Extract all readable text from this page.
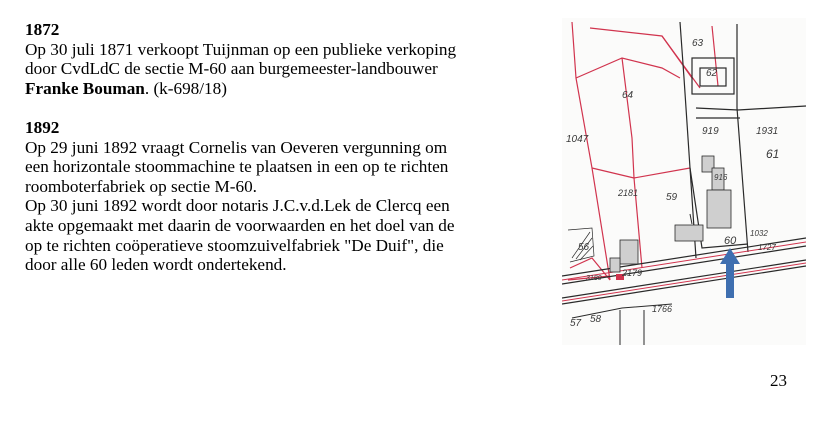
1872

Op 30 juli 1871 verkoopt Tuijnman op een publieke verkoping
door CvdLdC de sectie M-60 aan burgemeester-landbouwer
Franke Bouman. (k-698/18)

1892

Op 29 juni 1892 vraagt Cornelis van Oeveren vergunning om
een horizontale stoommachine te plaatsen in een op te richten
roomboterfabriek op sectie M-60.
Op 30 juni 1892 wordt door notaris J.C.v.d.Lek de Clercq een
akte opgemaakt met daarin de voorwaarden en het doel van de
op te richten coöperatieve stoomzuivelfabriek "De Duif", die
door alle 60 leden wordt ondertekend.

63
62
64
1047
919	1931
61
916
2181	59
56
60
1032
1727
3180
2179
1766
57 58
23
